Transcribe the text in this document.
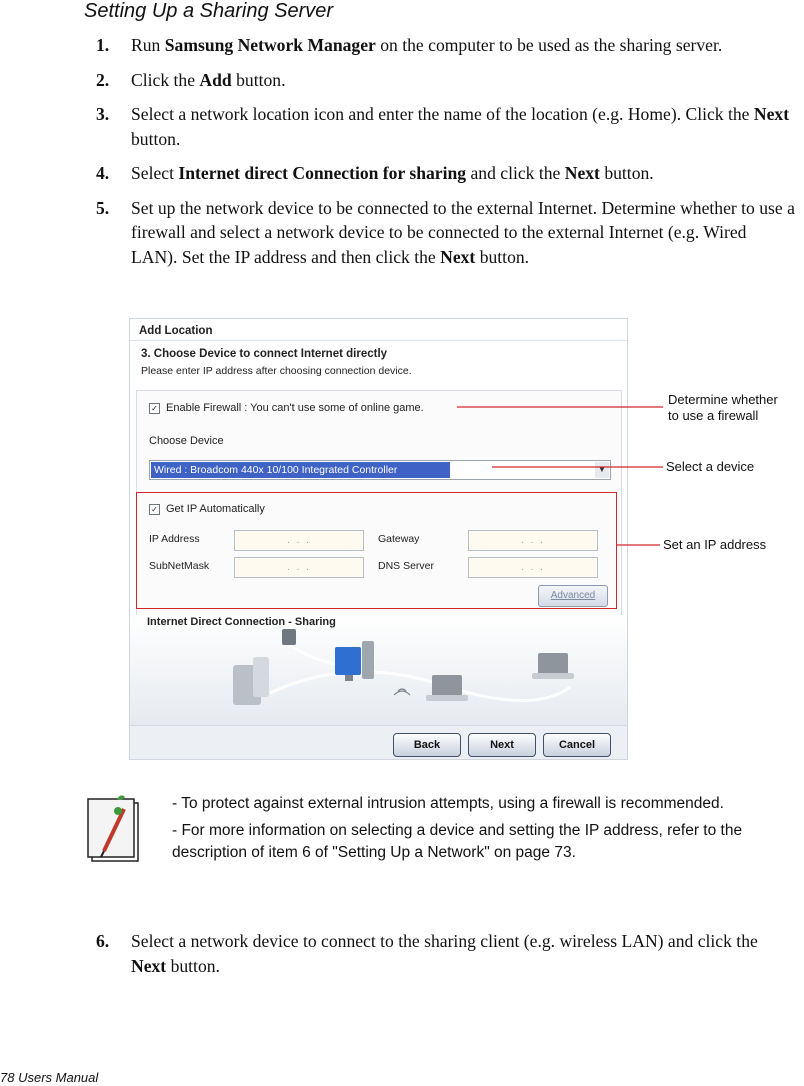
Setting Up a Sharing Server
1.	Run Samsung Network Manager on the computer to be used as the sharing server.
2.	Click the Add button.
3.	Select a network location icon and enter the name of the location (e.g. Home). Click the Next button.
4.	Select Internet direct Connection for sharing and click the Next button.
5.	Set up the network device to be connected to the external Internet. Determine whether to use a firewall and select a network device to be connected to the external Internet (e.g. Wired LAN). Set the IP address and then click the Next button.
Add Location
3. Choose Device to connect Internet directly
Please enter IP address after choosing connection device.
✓ Enable Firewall : You can't use some of online game.
Choose Device
Wired : Broadcom 440x 10/100 Integrated Controller	▼
✓ Get IP Automatically
IP Address	. . .	Gateway	. . .
SubNetMask	. . .	DNS Server	. . .
Advanced
Internet Direct Connection - Sharing
Back	Next	Cancel
Determine whether
to use a firewall
Select a device
Set an IP address

- To protect against external intrusion attempts, using a firewall is recommended.

- For more information on selecting a device and setting the IP address, refer to the description of item 6 of "Setting Up a Network" on page 73.

6.	Select a network device to connect to the sharing client (e.g. wireless LAN) and click the Next button.
78 Users Manual
